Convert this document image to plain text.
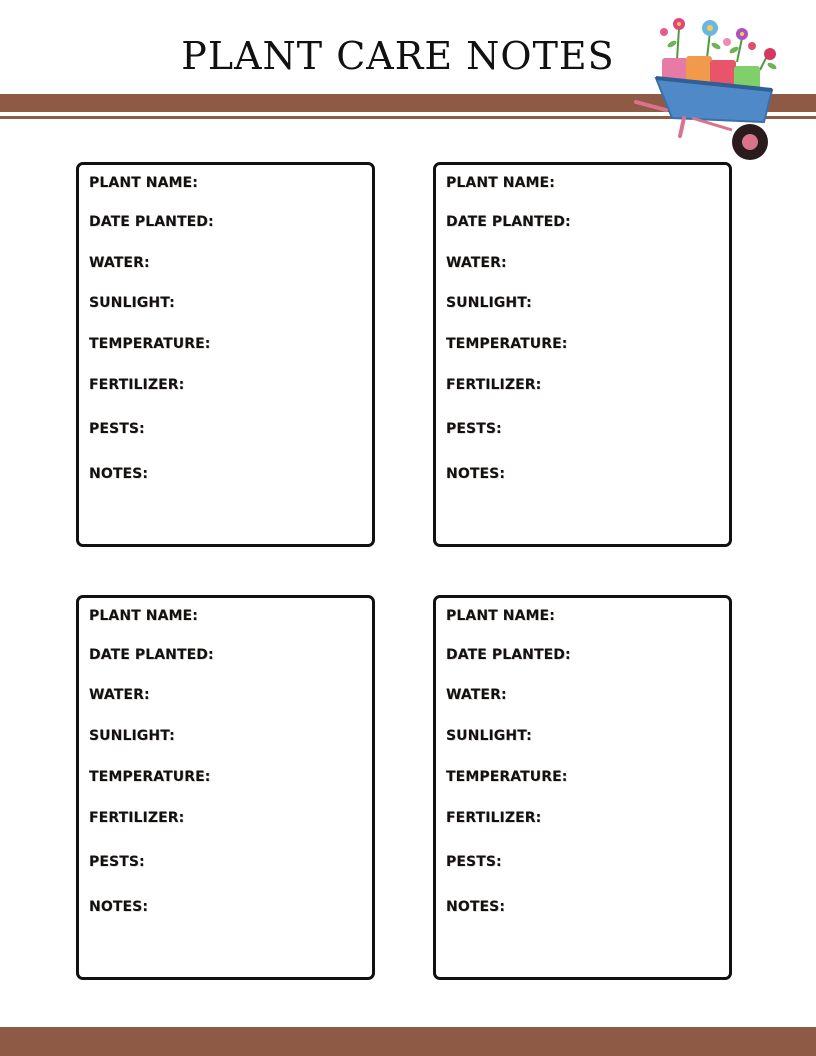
PLANT CARE NOTES
PLANT NAME:
DATE PLANTED:
WATER:
SUNLIGHT:
TEMPERATURE:
FERTILIZER:
PESTS:
NOTES:
PLANT NAME:
DATE PLANTED:
WATER:
SUNLIGHT:
TEMPERATURE:
FERTILIZER:
PESTS:
NOTES:
PLANT NAME:
DATE PLANTED:
WATER:
SUNLIGHT:
TEMPERATURE:
FERTILIZER:
PESTS:
NOTES:
PLANT NAME:
DATE PLANTED:
WATER:
SUNLIGHT:
TEMPERATURE:
FERTILIZER:
PESTS:
NOTES:
